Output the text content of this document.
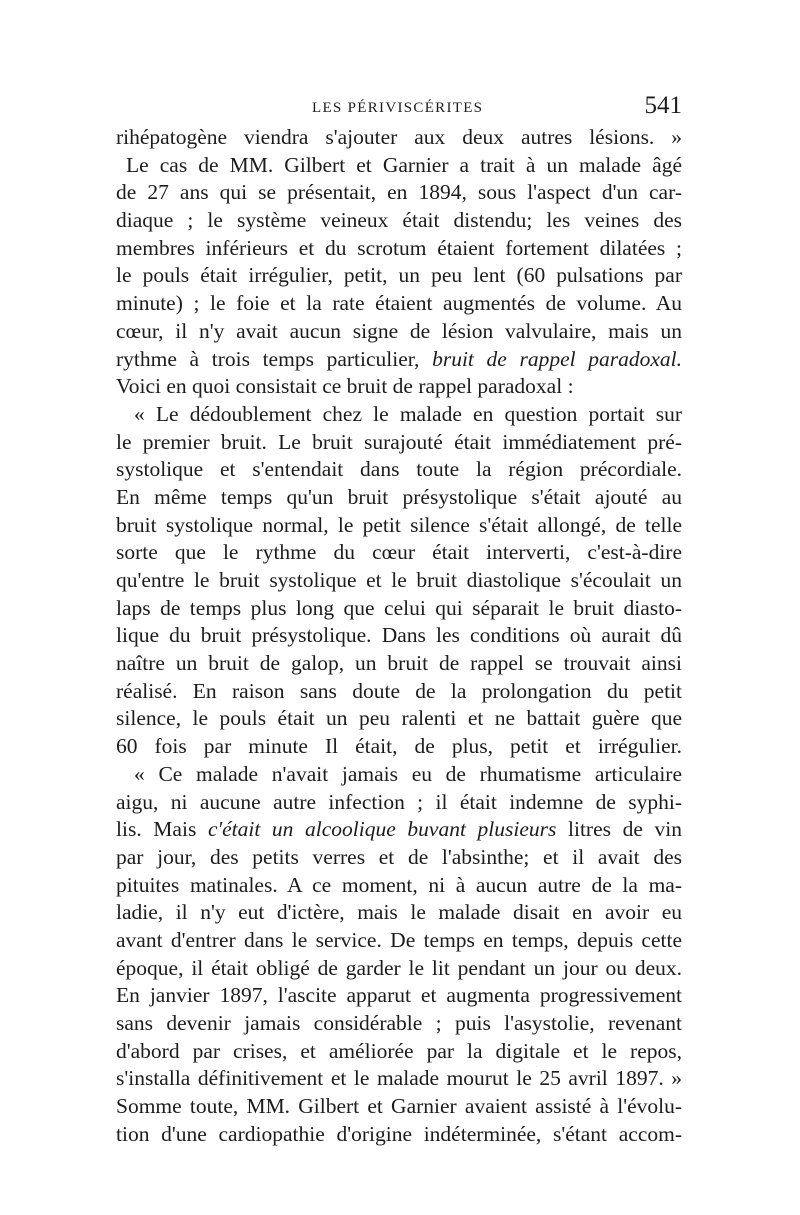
LES PÉRIVISCÉRITES	541
rihépatogène viendra s'ajouter aux deux autres lésions. »
Le cas de MM. Gilbert et Garnier a trait à un malade âgé
de 27 ans qui se présentait, en 1894, sous l'aspect d'un car-
diaque ; le système veineux était distendu; les veines des
membres inférieurs et du scrotum étaient fortement dilatées ;
le pouls était irrégulier, petit, un peu lent (60 pulsations par
minute) ; le foie et la rate étaient augmentés de volume. Au
cœur, il n'y avait aucun signe de lésion valvulaire, mais un
rythme à trois temps particulier, bruit de rappel paradoxal.
Voici en quoi consistait ce bruit de rappel paradoxal :
« Le dédoublement chez le malade en question portait sur
le premier bruit. Le bruit surajouté était immédiatement pré-
systolique et s'entendait dans toute la région précordiale.
En même temps qu'un bruit présystolique s'était ajouté au
bruit systolique normal, le petit silence s'était allongé, de telle
sorte que le rythme du cœur était interverti, c'est-à-dire
qu'entre le bruit systolique et le bruit diastolique s'écoulait un
laps de temps plus long que celui qui séparait le bruit diasto-
lique du bruit présystolique. Dans les conditions où aurait dû
naître un bruit de galop, un bruit de rappel se trouvait ainsi
réalisé. En raison sans doute de la prolongation du petit
silence, le pouls était un peu ralenti et ne battait guère que
60 fois par minute Il était, de plus, petit et irrégulier.
« Ce malade n'avait jamais eu de rhumatisme articulaire
aigu, ni aucune autre infection ; il était indemne de syphi-
lis. Mais c'était un alcoolique buvant plusieurs litres de vin
par jour, des petits verres et de l'absinthe; et il avait des
pituites matinales. A ce moment, ni à aucun autre de la ma-
ladie, il n'y eut d'ictère, mais le malade disait en avoir eu
avant d'entrer dans le service. De temps en temps, depuis cette
époque, il était obligé de garder le lit pendant un jour ou deux.
En janvier 1897, l'ascite apparut et augmenta progressivement
sans devenir jamais considérable ; puis l'asystolie, revenant
d'abord par crises, et améliorée par la digitale et le repos,
s'installa définitivement et le malade mourut le 25 avril 1897. »
Somme toute, MM. Gilbert et Garnier avaient assisté à l'évolu-
tion d'une cardiopathie d'origine indéterminée, s'étant accom-
